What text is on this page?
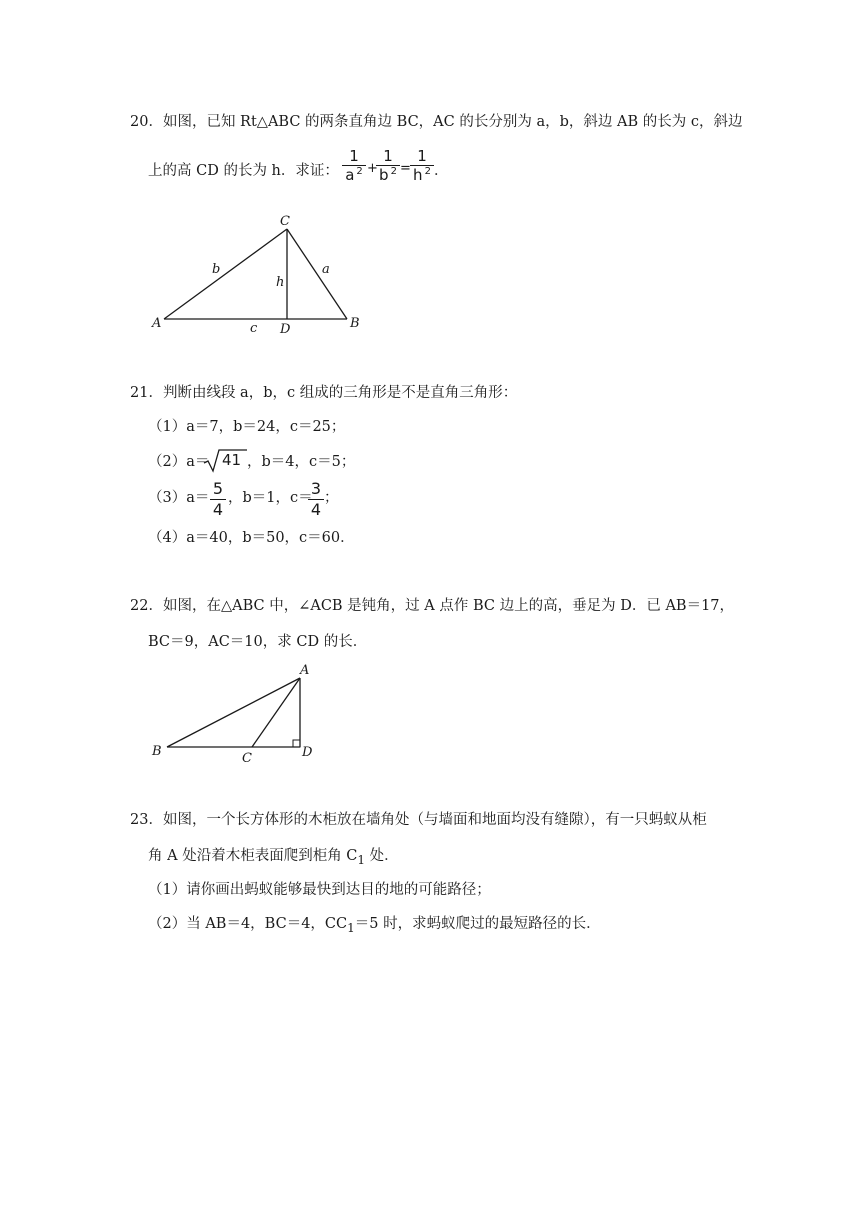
20．如图，已知 Rt△ABC 的两条直角边 BC，AC 的长分别为 a，b，斜边 AB 的长为 c，斜边
上的高 CD 的长为 h．求证：
1
a $^2$ +
1
b $^2$ =
1
h $^2$ ．
C
A	D	B
b	a
c
h
21．判断由线段 a，b，c 组成的三角形是不是直角三角形：
（1）a＝7，b＝24，c＝25；
（2）a＝ 41 ，b＝4，c＝5；
（3）a＝ 5
4
，b＝1，c＝
3
4
；
（4）a＝40，b＝50，c＝60．
22．如图，在△ABC 中，∠ACB 是钝角，过 A 点作 BC 边上的高，垂足为 D．已 AB＝17，
BC＝9，AC＝10，求 CD 的长．
A
B	C	D
23．如图，一个长方体形的木柜放在墙角处（与墙面和地面均没有缝隙），有一只蚂蚁从柜
角 A 处沿着木柜表面爬到柜角 $C_1$ 处．
（1）请你画出蚂蚁能够最快到达目的地的可能路径；
（2）当 AB＝4，BC＝4，$CC_1=5$ 时，求蚂蚁爬过的最短路径的长．
